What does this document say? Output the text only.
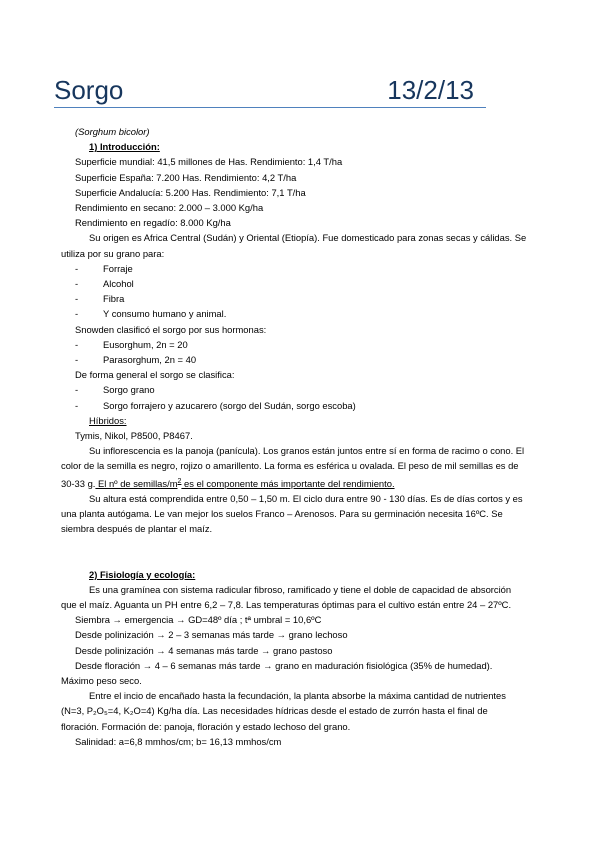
Sorgo	13/2/13

(Sorghum bicolor)

1) Introducción:

Superficie mundial: 41,5 millones de Has. Rendimiento: 1,4 T/ha

Superficie España: 7.200 Has. Rendimiento: 4,2 T/ha

Superficie Andalucía: 5.200 Has. Rendimiento: 7,1 T/ha

Rendimiento en secano: 2.000 – 3.000 Kg/ha

Rendimiento en regadío: 8.000 Kg/ha

Su origen es Africa Central (Sudán) y Oriental (Etiopía). Fue domesticado para zonas secas y cálidas. Se

utiliza por su grano para:

-	Forraje
-	Alcohol
-	Fibra
-	Y consumo humano y animal.

Snowden clasificó el sorgo por sus hormonas:

-	Eusorghum, 2n = 20
-	Parasorghum, 2n = 40

De forma general el sorgo se clasifica:

-	Sorgo grano
-	Sorgo forrajero y azucarero (sorgo del Sudán, sorgo escoba)

Híbridos:

Tymis, Nikol, P8500, P8467.

Su inflorescencia es la panoja (panícula). Los granos están juntos entre sí en forma de racimo o cono. El

color de la semilla es negro, rojizo o amarillento. La forma es esférica u ovalada. El peso de mil semillas es de

30-33 g. El nº de semillas/$m^2$ es el componente más importante del rendimiento.

Su altura está comprendida entre 0,50 – 1,50 m. El ciclo dura entre 90 - 130 días. Es de días cortos y es

una planta autógama. Le van mejor los suelos Franco – Arenosos. Para su germinación necesita 16ºC. Se

siembra después de plantar el maíz.

2) Fisiología y ecología:

Es una gramínea con sistema radicular fibroso, ramificado y tiene el doble de capacidad de absorción

que el maíz. Aguanta un PH entre 6,2 – 7,8. Las temperaturas óptimas para el cultivo están entre 24 – 27ºC.

Siembra → emergencia → GD=48º día ; tª umbral = 10,6ºC

Desde polinización → 2 – 3 semanas más tarde → grano lechoso

Desde polinización → 4 semanas más tarde → grano pastoso

Desde floración → 4 – 6 semanas más tarde → grano en maduración fisiológica (35% de humedad).

Máximo peso seco.

Entre el incio de encañado hasta la fecundación, la planta absorbe la máxima cantidad de nutrientes

(N=3, P₂O₅=4, K₂O=4) Kg/ha día. Las necesidades hídricas desde el estado de zurrón hasta el final de

floración. Formación de: panoja, floración y estado lechoso del grano.

Salinidad: a=6,8 mmhos/cm; b= 16,13 mmhos/cm
